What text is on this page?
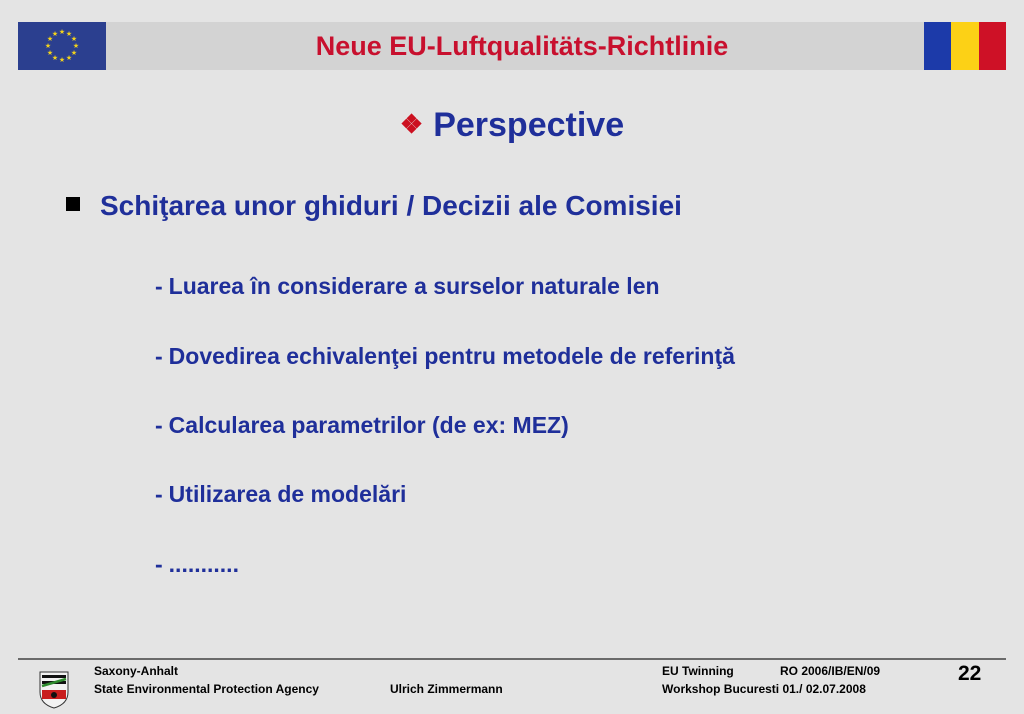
★ ★
★
★
★
★
★
★
★
★
★
★	Neue EU-Luftqualitäts-Richtlinie
❖ Perspective
Schiţarea unor ghiduri / Decizii ale Comisiei
- Luarea în considerare a surselor naturale len
- Dovedirea echivalenţei pentru metodele de referinţă
- Calcularea parametrilor (de ex: MEZ)
- Utilizarea de modelări
- ...........
Saxony-Anhalt
State Environmental Protection Agency	Ulrich Zimmermann
EU Twinning	RO 2006/IB/EN/09
Workshop Bucuresti 01./ 02.07.2008
22
